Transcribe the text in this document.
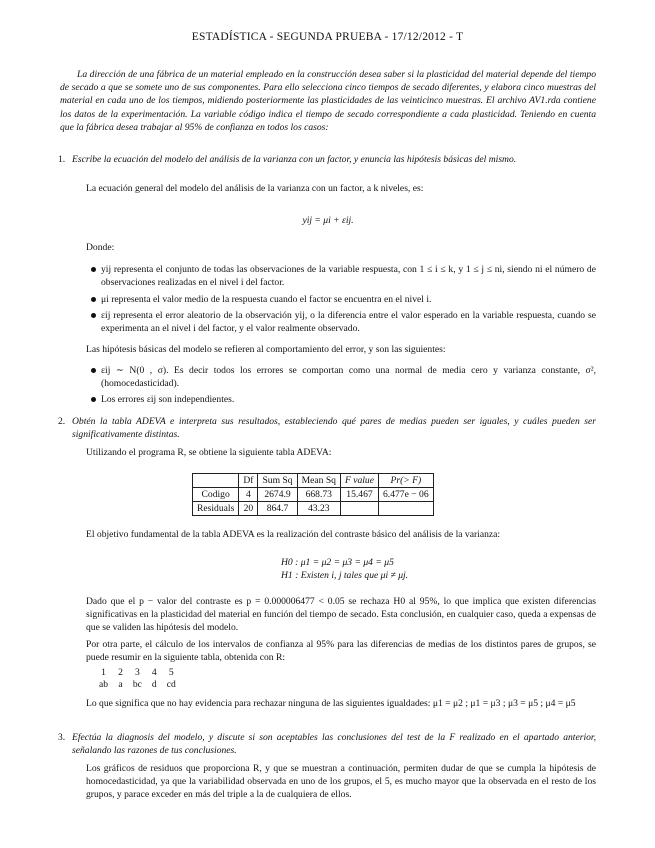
ESTADÍSTICA - SEGUNDA PRUEBA - 17/12/2012 - T
La dirección de una fábrica de un material empleado en la construcción desea saber si la plasticidad del material depende del tiempo de secado a que se somete uno de sus componentes. Para ello selecciona cinco tiempos de secado diferentes, y elabora cinco muestras del material en cada uno de los tiempos, midiendo posteriormente las plasticidades de las veinticinco muestras. El archivo AV1.rda contiene los datos de la experimentación. La variable código indica el tiempo de secado correspondiente a cada plasticidad. Teniendo en cuenta que la fábrica desea trabajar al 95% de confianza en todos los casos:
1. Escribe la ecuación del modelo del análisis de la varianza con un factor, y enuncia las hipótesis básicas del mismo.
La ecuación general del modelo del análisis de la varianza con un factor, a k niveles, es:
yij = μi + εij.
Donde:
yij representa el conjunto de todas las observaciones de la variable respuesta, con 1 ≤ i ≤ k, y 1 ≤ j ≤ ni, siendo ni el número de observaciones realizadas en el nivel i del factor.
μi representa el valor medio de la respuesta cuando el factor se encuentra en el nivel i.
εij representa el error aleatorio de la observación yij, o la diferencia entre el valor esperado en la variable respuesta, cuando se experimenta an el nivel i del factor, y el valor realmente observado.
Las hipótesis básicas del modelo se refieren al comportamiento del error, y son las siguientes:
εij ∼ N(0 , σ). Es decir todos los errores se comportan como una normal de media cero y varianza constante, σ², (homocedasticidad).
Los errores εij son independientes.
2. Obtén la tabla ADEVA e interpreta sus resultados, estableciendo qué pares de medias pueden ser iguales, y cuáles pueden ser significativamente distintas.
Utilizando el programa R, se obtiene la siguiente tabla ADEVA:
	Df	Sum Sq	Mean Sq	F value	Pr(> F)
Codigo	4	2674.9	668.73	15.467	6.477e − 06
Residuals	20	864.7	43.23		
El objetivo fundamental de la tabla ADEVA es la realización del contraste básico del análisis de la varianza:
H0 : μ1 = μ2 = μ3 = μ4 = μ5
H1 : Existen i, j tales que μi ≠ μj.
Dado que el p − valor del contraste es p = 0.000006477 < 0.05 se rechaza H0 al 95%, lo que implica que existen diferencias significativas en la plasticidad del material en función del tiempo de secado. Esta conclusión, en cualquier caso, queda a expensas de que se validen las hipótesis del modelo.
Por otra parte, el cálculo de los intervalos de confianza al 95% para las diferencias de medias de los distintos pares de grupos, se puede resumir en la siguiente tabla, obtenida con R:
1	2	3	4	5
ab	a	bc	d	cd
Lo que significa que no hay evidencia para rechazar ninguna de las siguientes igualdades: μ1 = μ2 ; μ1 = μ3 ; μ3 = μ5 ; μ4 = μ5
3. Efectúa la diagnosis del modelo, y discute si son aceptables las conclusiones del test de la F realizado en el apartado anterior, señalando las razones de tus conclusiones.
Los gráficos de residuos que proporciona R, y que se muestran a continuación, permiten dudar de que se cumpla la hipótesis de homocedasticidad, ya que la variabilidad observada en uno de los grupos, el 5, es mucho mayor que la observada en el resto de los grupos, y parace exceder en más del triple a la de cualquiera de ellos.
